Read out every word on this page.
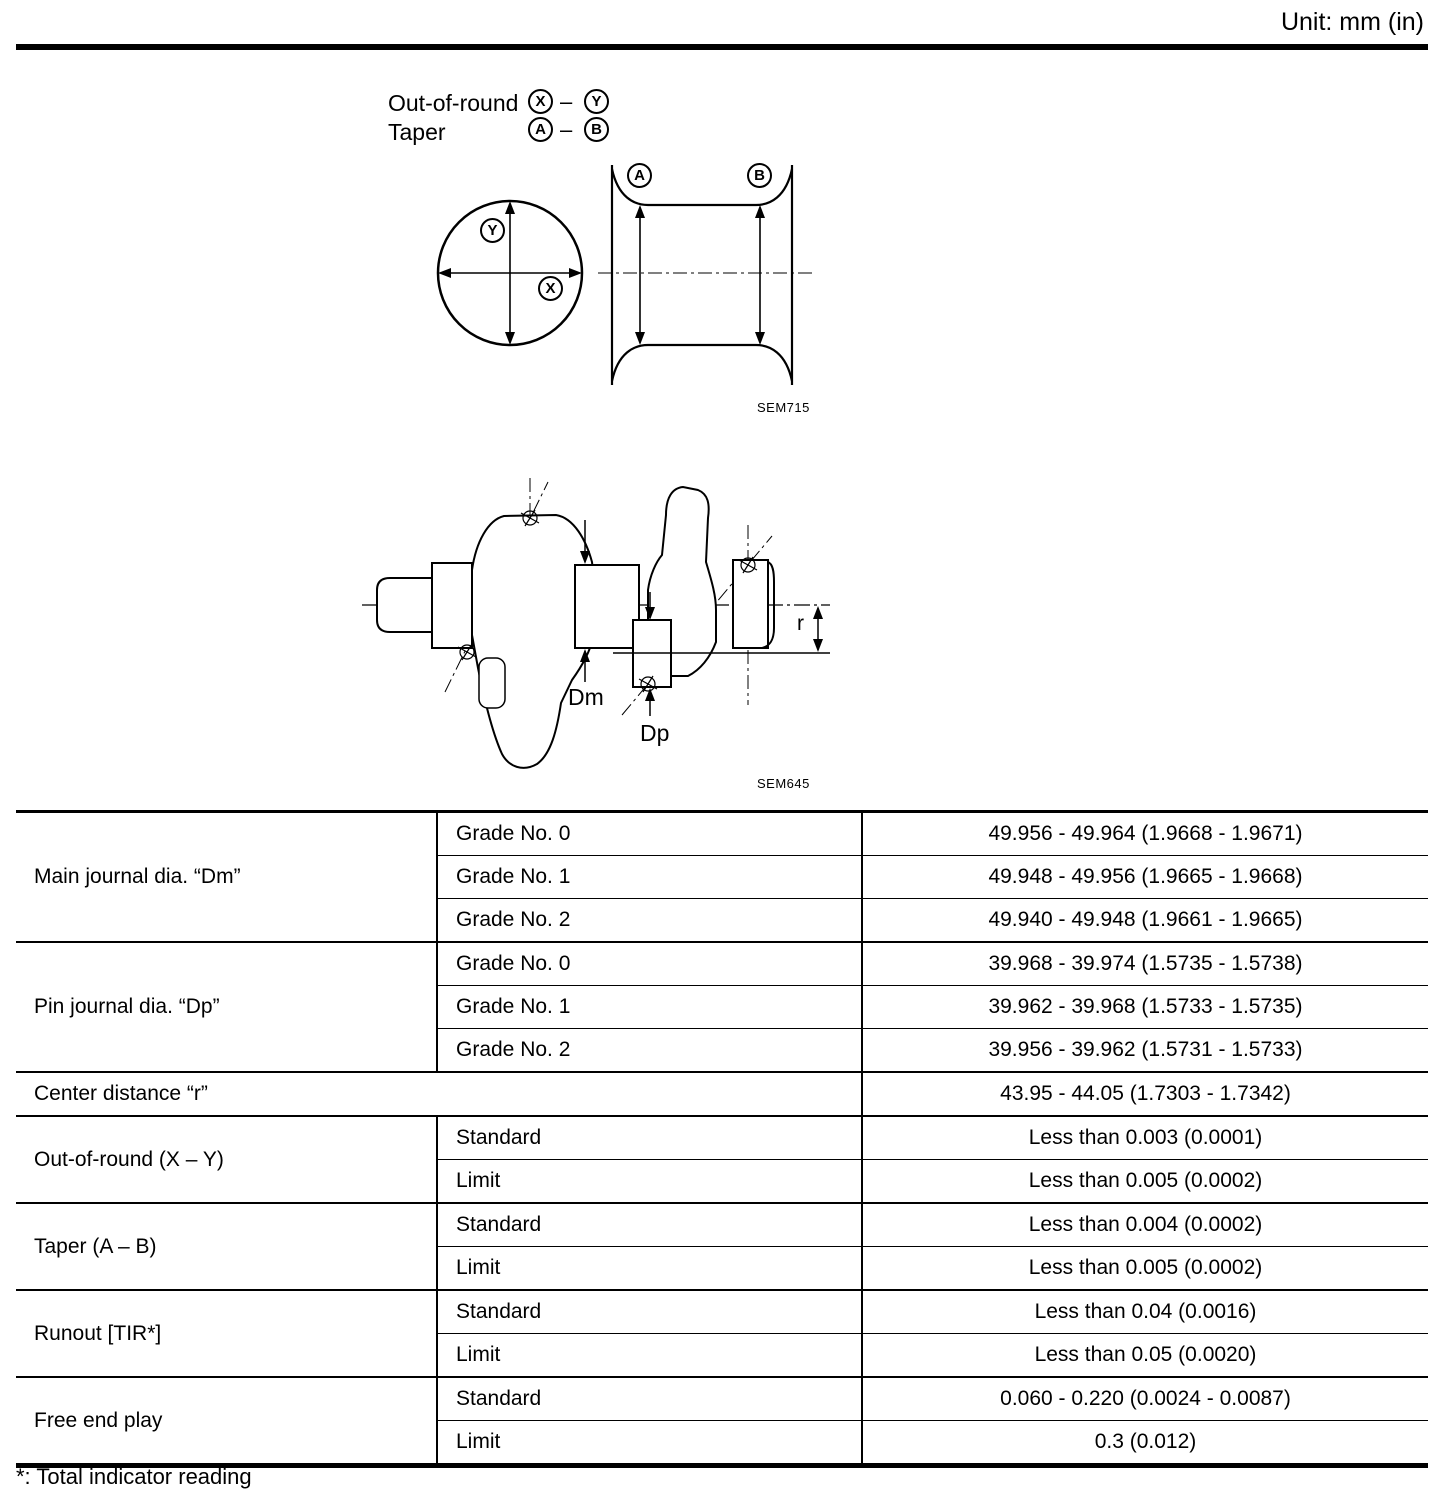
Unit: mm (in)
Out-of-round
Taper
X –	Y
A –	B
Y
X
A	B
SEM715
Dm
Dp
r
SEM645
Main journal dia. “Dm”	Grade No. 0	49.956 - 49.964 (1.9668 - 1.9671)
	Grade No. 1	49.948 - 49.956 (1.9665 - 1.9668)
	Grade No. 2	49.940 - 49.948 (1.9661 - 1.9665)
Pin journal dia. “Dp”	Grade No. 0	39.968 - 39.974 (1.5735 - 1.5738)
	Grade No. 1	39.962 - 39.968 (1.5733 - 1.5735)
	Grade No. 2	39.956 - 39.962 (1.5731 - 1.5733)
Center distance “r”		43.95 - 44.05 (1.7303 - 1.7342)
Out-of-round (X – Y)	Standard	Less than 0.003 (0.0001)
	Limit	Less than 0.005 (0.0002)
Taper (A – B)	Standard	Less than 0.004 (0.0002)
	Limit	Less than 0.005 (0.0002)
Runout [TIR*]	Standard	Less than 0.04 (0.0016)
	Limit	Less than 0.05 (0.0020)
Free end play	Standard	0.060 - 0.220 (0.0024 - 0.0087)
	Limit	0.3 (0.012)
*: Total indicator reading
